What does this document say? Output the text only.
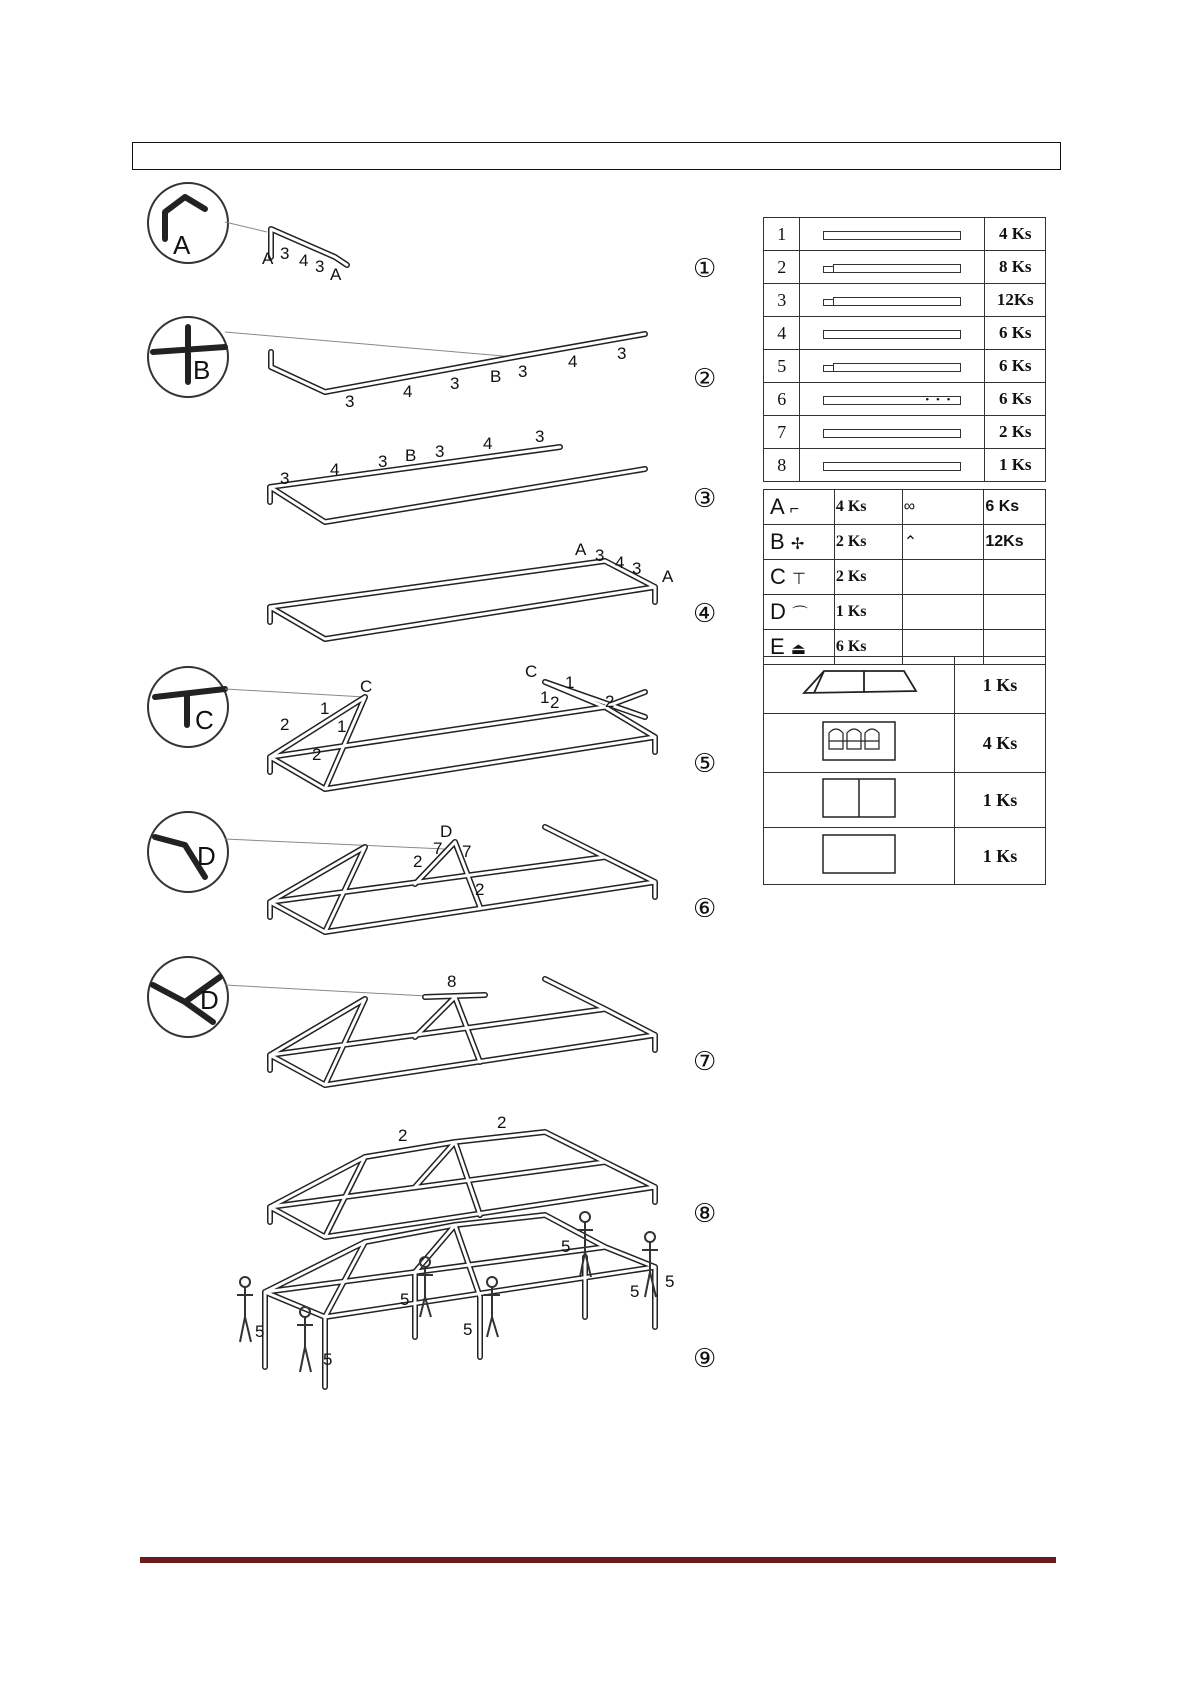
A	A 3 4 3 A	①
B
3
4 3 B 3
4 3
②
3 4 3 B 3 4	3
③
A 3 4 3 A
④
C
C
1
2	1
2
C
1
1 2	2
⑤
D
D
7 7
2
2
⑥
D
8
⑦
2
2
⑧
5
5
5
5
5
5
5
⑨
1		4 Ks
2		8 Ks
3		12Ks
4		6 Ks
5		6 Ks
6	• • •	6 Ks
7		2 Ks
8		1 Ks
A ⌐	4 Ks	∞	6 Ks
B ✢	2 Ks	⌃	12Ks
C ⊤	2 Ks		
D ⌒	1 Ks		
E ⏏	6 Ks		
	1 Ks
	4 Ks
	1 Ks
	1 Ks
